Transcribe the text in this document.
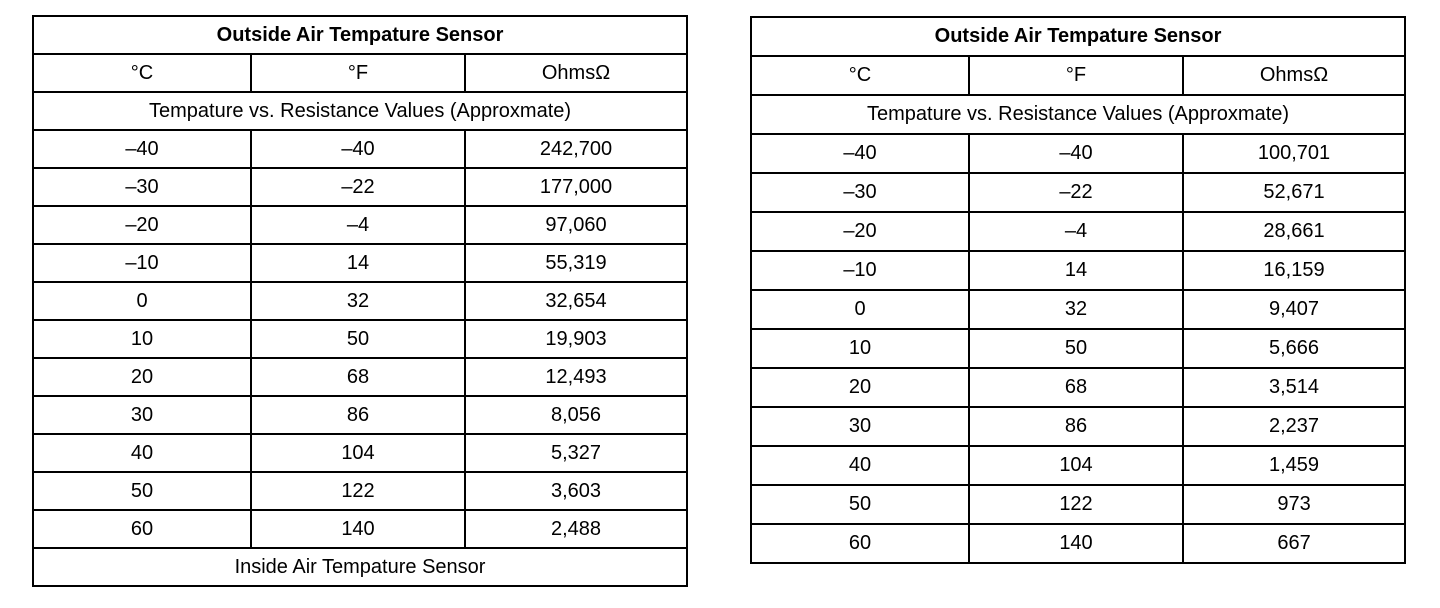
Outside Air Tempature Sensor		
°C	°F	OhmsΩ
Tempature vs. Resistance Values (Approxmate)		
–40	–40	242,700
–30	–22	177,000
–20	–4	97,060
–10	14	55,319
0	32	32,654
10	50	19,903
20	68	12,493
30	86	8,056
40	104	5,327
50	122	3,603
60	140	2,488
Inside Air Tempature Sensor		
Outside Air Tempature Sensor		
°C	°F	OhmsΩ
Tempature vs. Resistance Values (Approxmate)		
–40	–40	100,701
–30	–22	52,671
–20	–4	28,661
–10	14	16,159
0	32	9,407
10	50	5,666
20	68	3,514
30	86	2,237
40	104	1,459
50	122	973
60	140	667
